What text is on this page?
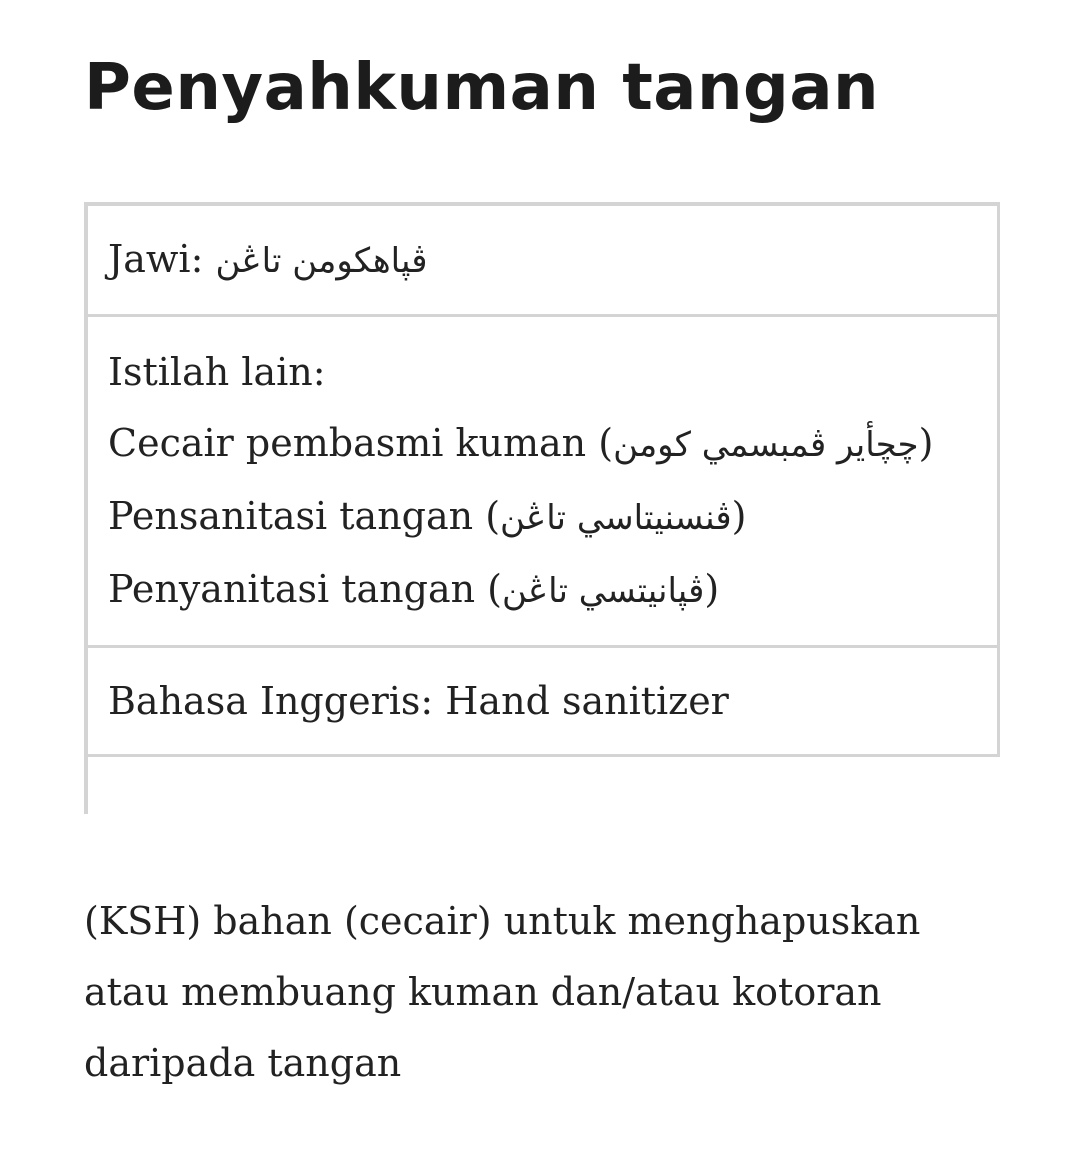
Penyahkuman tangan
Jawi: ڤپاهكومن تاڠن

Istilah lain:
Cecair pembasmi kuman (چچأير ڤمبسمي كومن)
Pensanitasi tangan (ڤنسنيتاسي تاڠن)
Penyanitasi tangan (ڤپانيتسي تاڠن)

Bahasa Inggeris: Hand sanitizer

(KSH) bahan (cecair) untuk menghapuskan atau membuang kuman dan/atau kotoran daripada tangan
